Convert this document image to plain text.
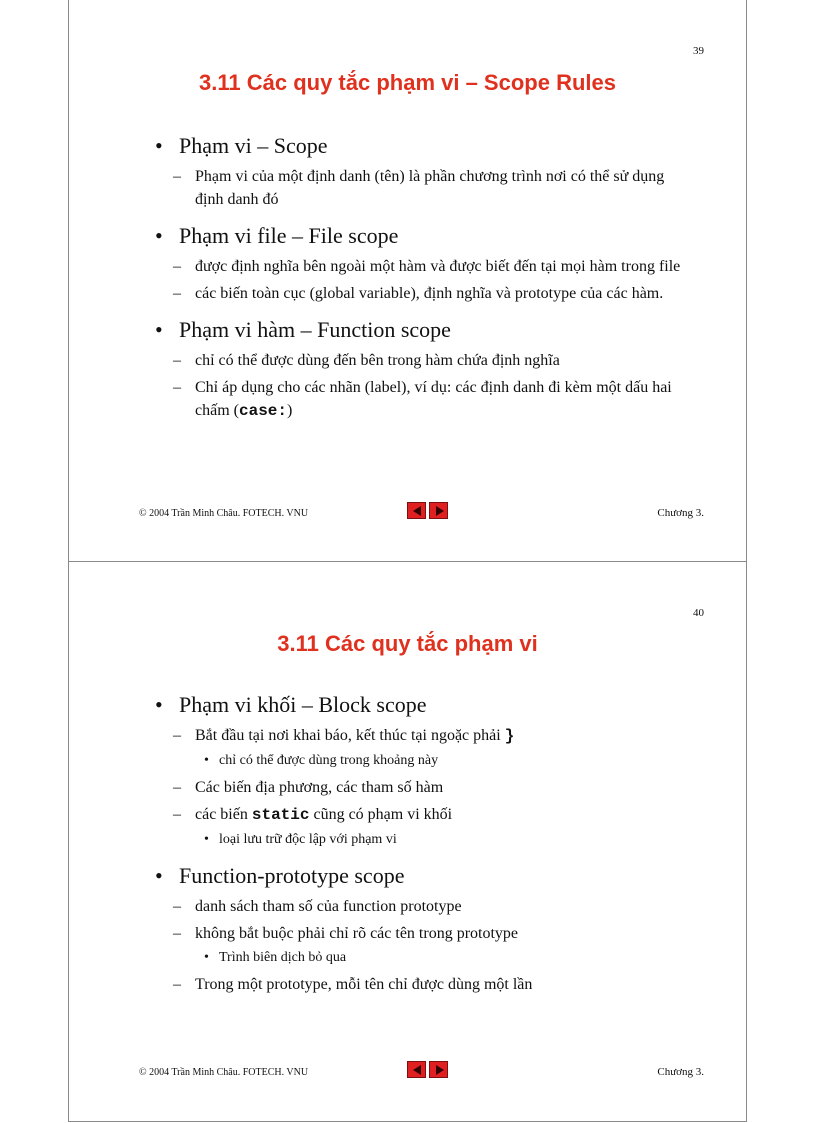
39
3.11 Các quy tắc phạm vi – Scope Rules
• Phạm vi – Scope
– Phạm vi của một định danh (tên) là phần chương trình nơi có thể sử dụng định danh đó
• Phạm vi file – File scope
– được định nghĩa bên ngoài một hàm và được biết đến tại mọi hàm trong file
– các biến toàn cục (global variable), định nghĩa và prototype của các hàm.
• Phạm vi hàm – Function scope
– chỉ có thể được dùng đến bên trong hàm chứa định nghĩa
– Chỉ áp dụng cho các nhãn (label), ví dụ: các định danh đi kèm một dấu hai chấm (case:)
© 2004 Trần Minh Châu. FOTECH. VNU	Chương 3.
40
3.11 Các quy tắc phạm vi
• Phạm vi khối – Block scope
– Bắt đầu tại nơi khai báo, kết thúc tại ngoặc phải }
• chỉ có thể được dùng trong khoảng này
– Các biến địa phương, các tham số hàm
– các biến static cũng có phạm vi khối
• loại lưu trữ độc lập với phạm vi
• Function-prototype scope
– danh sách tham số của function prototype
– không bắt buộc phải chỉ rõ các tên trong prototype
• Trình biên dịch bỏ qua
– Trong một prototype, mỗi tên chỉ được dùng một lần
© 2004 Trần Minh Châu. FOTECH. VNU	Chương 3.
